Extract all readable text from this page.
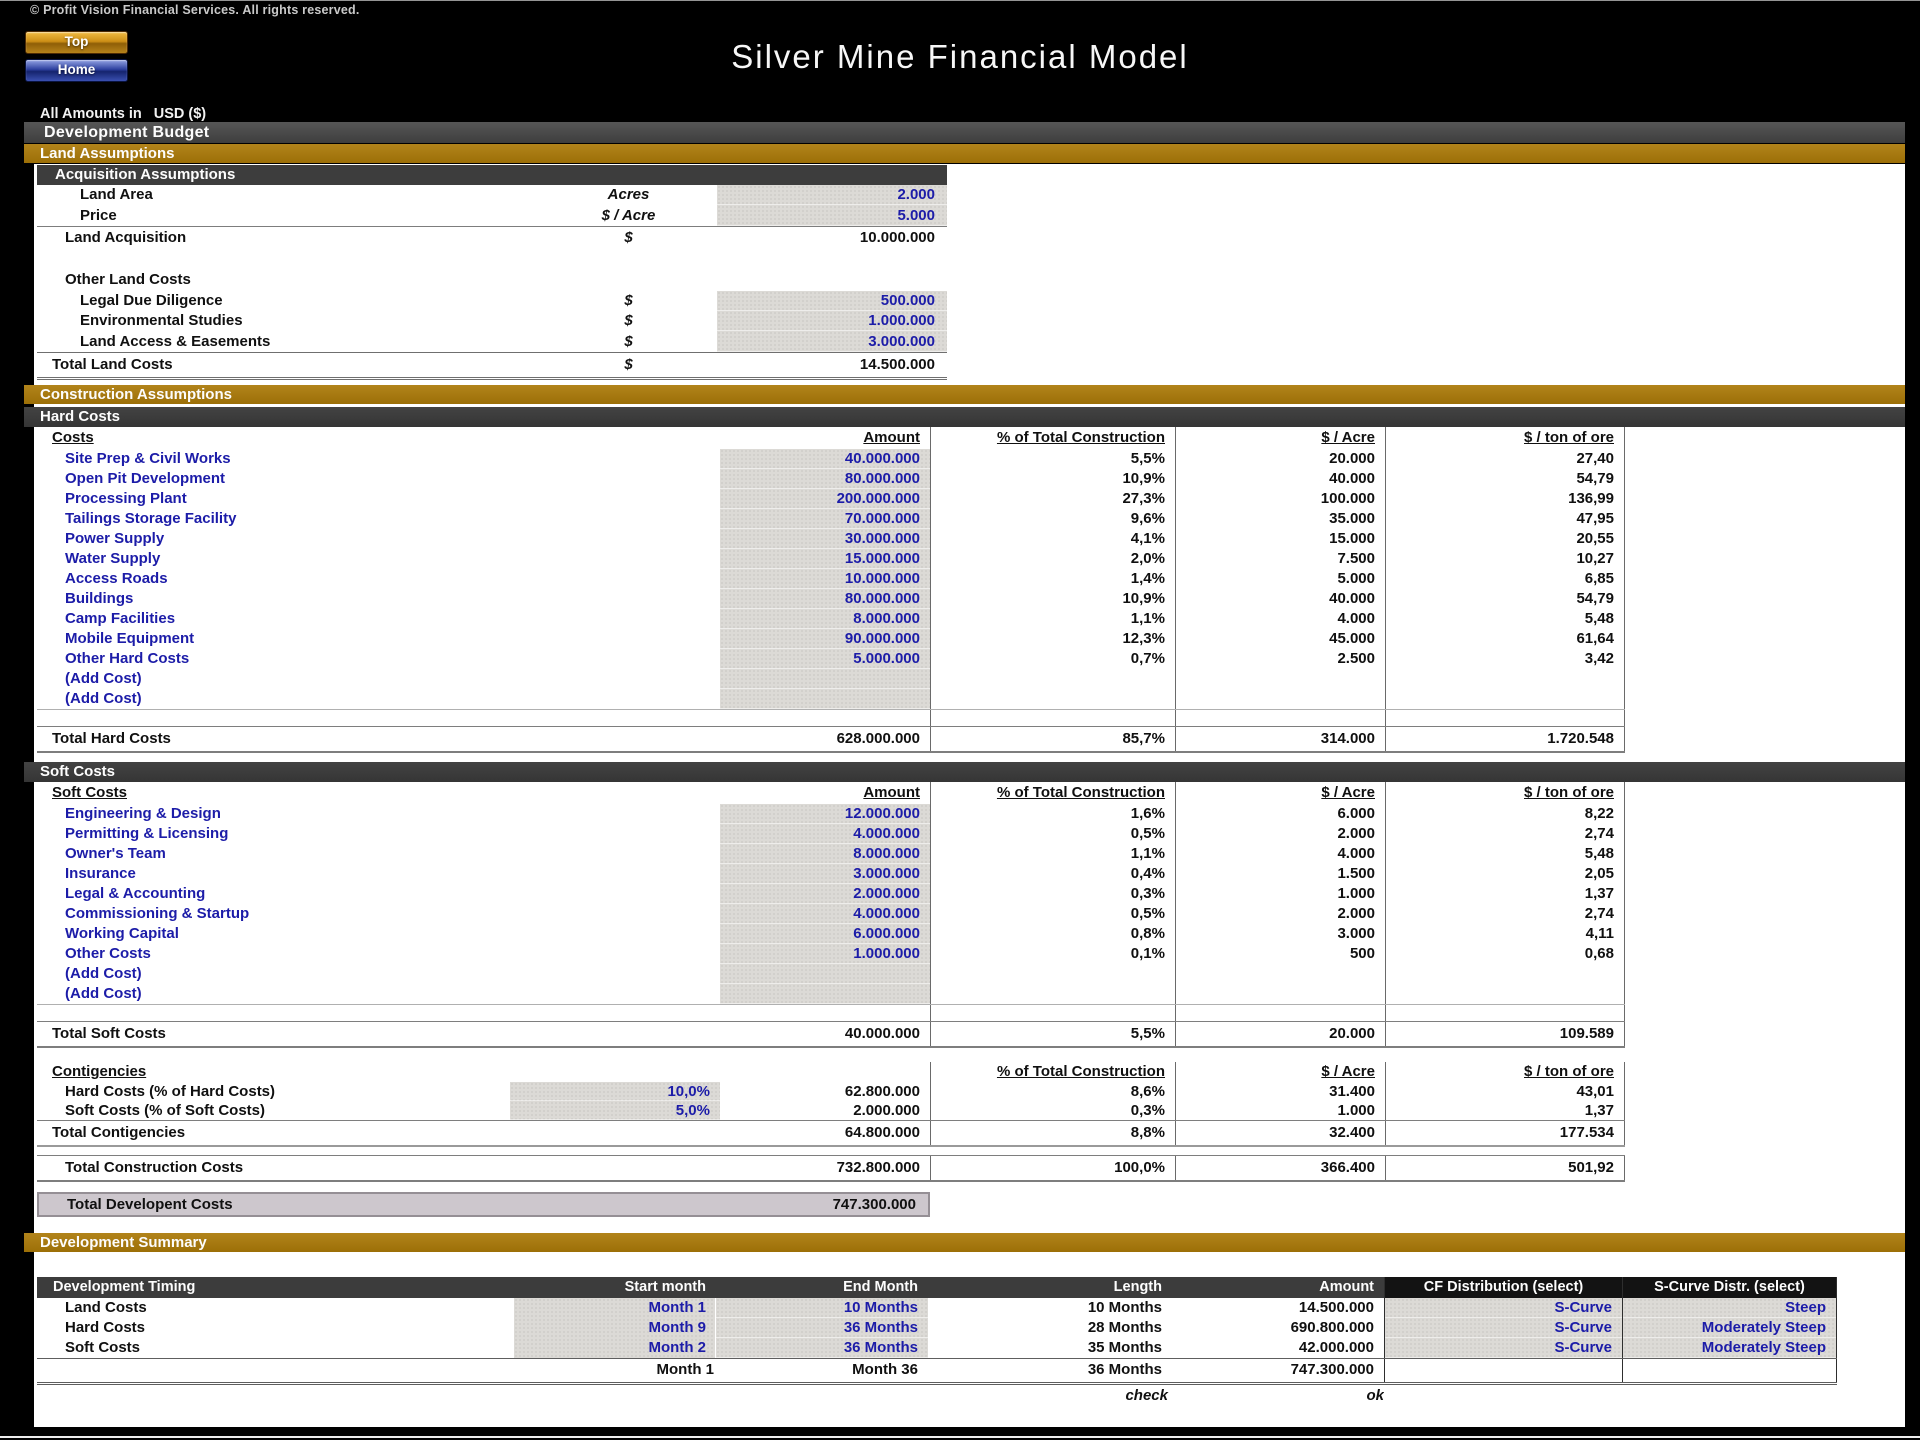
© Profit Vision Financial Services. All rights reserved.
Top
Home	Silver Mine Financial Model
All Amounts in USD ($)
Development Budget
Land Assumptions
Acquisition Assumptions
Land Area	Acres	2.000
Price	$ / Acre	5.000
Land Acquisition	$	10.000.000
Other Land Costs
Legal Due Diligence	$	500.000
Environmental Studies	$	1.000.000
Land Access & Easements	$	3.000.000
Total Land Costs	$	14.500.000
Construction Assumptions
Hard Costs
Costs	Amount	% of Total Construction	$ / Acre	$ / ton of ore
Site Prep & Civil Works	40.000.000	5,5%	20.000	27,40
Open Pit Development	80.000.000	10,9%	40.000	54,79
Processing Plant	200.000.000	27,3%	100.000	136,99
Tailings Storage Facility	70.000.000	9,6%	35.000	47,95
Power Supply	30.000.000	4,1%	15.000	20,55
Water Supply	15.000.000	2,0%	7.500	10,27
Access Roads	10.000.000	1,4%	5.000	6,85
Buildings	80.000.000	10,9%	40.000	54,79
Camp Facilities	8.000.000	1,1%	4.000	5,48
Mobile Equipment	90.000.000	12,3%	45.000	61,64
Other Hard Costs	5.000.000	0,7%	2.500	3,42
(Add Cost)
(Add Cost)
Total Hard Costs	628.000.000	85,7%	314.000	1.720.548
Soft Costs
Soft Costs	Amount	% of Total Construction	$ / Acre	$ / ton of ore
Engineering & Design	12.000.000	1,6%	6.000	8,22
Permitting & Licensing	4.000.000	0,5%	2.000	2,74
Owner's Team	8.000.000	1,1%	4.000	5,48
Insurance	3.000.000	0,4%	1.500	2,05
Legal & Accounting	2.000.000	0,3%	1.000	1,37
Commissioning & Startup	4.000.000	0,5%	2.000	2,74
Working Capital	6.000.000	0,8%	3.000	4,11
Other Costs	1.000.000	0,1%	500	0,68
(Add Cost)
(Add Cost)
Total Soft Costs	40.000.000	5,5%	20.000	109.589
Contigencies	% of Total Construction	$ / Acre	$ / ton of ore
Hard Costs (% of Hard Costs)	10,0%	62.800.000	8,6%	31.400	43,01
Soft Costs (% of Soft Costs)	5,0%	2.000.000	0,3%	1.000	1,37
Total Contigencies	64.800.000	8,8%	32.400	177.534
Total Construction Costs	732.800.000	100,0%	366.400	501,92
Total Developent Costs	747.300.000
Development Summary
Development Timing	Start month	End Month	Length	Amount	CF Distribution (select)	S-Curve Distr. (select)
Land Costs	Month 1	10 Months	10 Months	14.500.000	S-Curve	Steep
Hard Costs	Month 9	36 Months	28 Months	690.800.000	S-Curve	Moderately Steep
Soft Costs	Month 2	36 Months	35 Months	42.000.000	S-Curve	Moderately Steep
Month 1	Month 36	36 Months	747.300.000
check	ok
